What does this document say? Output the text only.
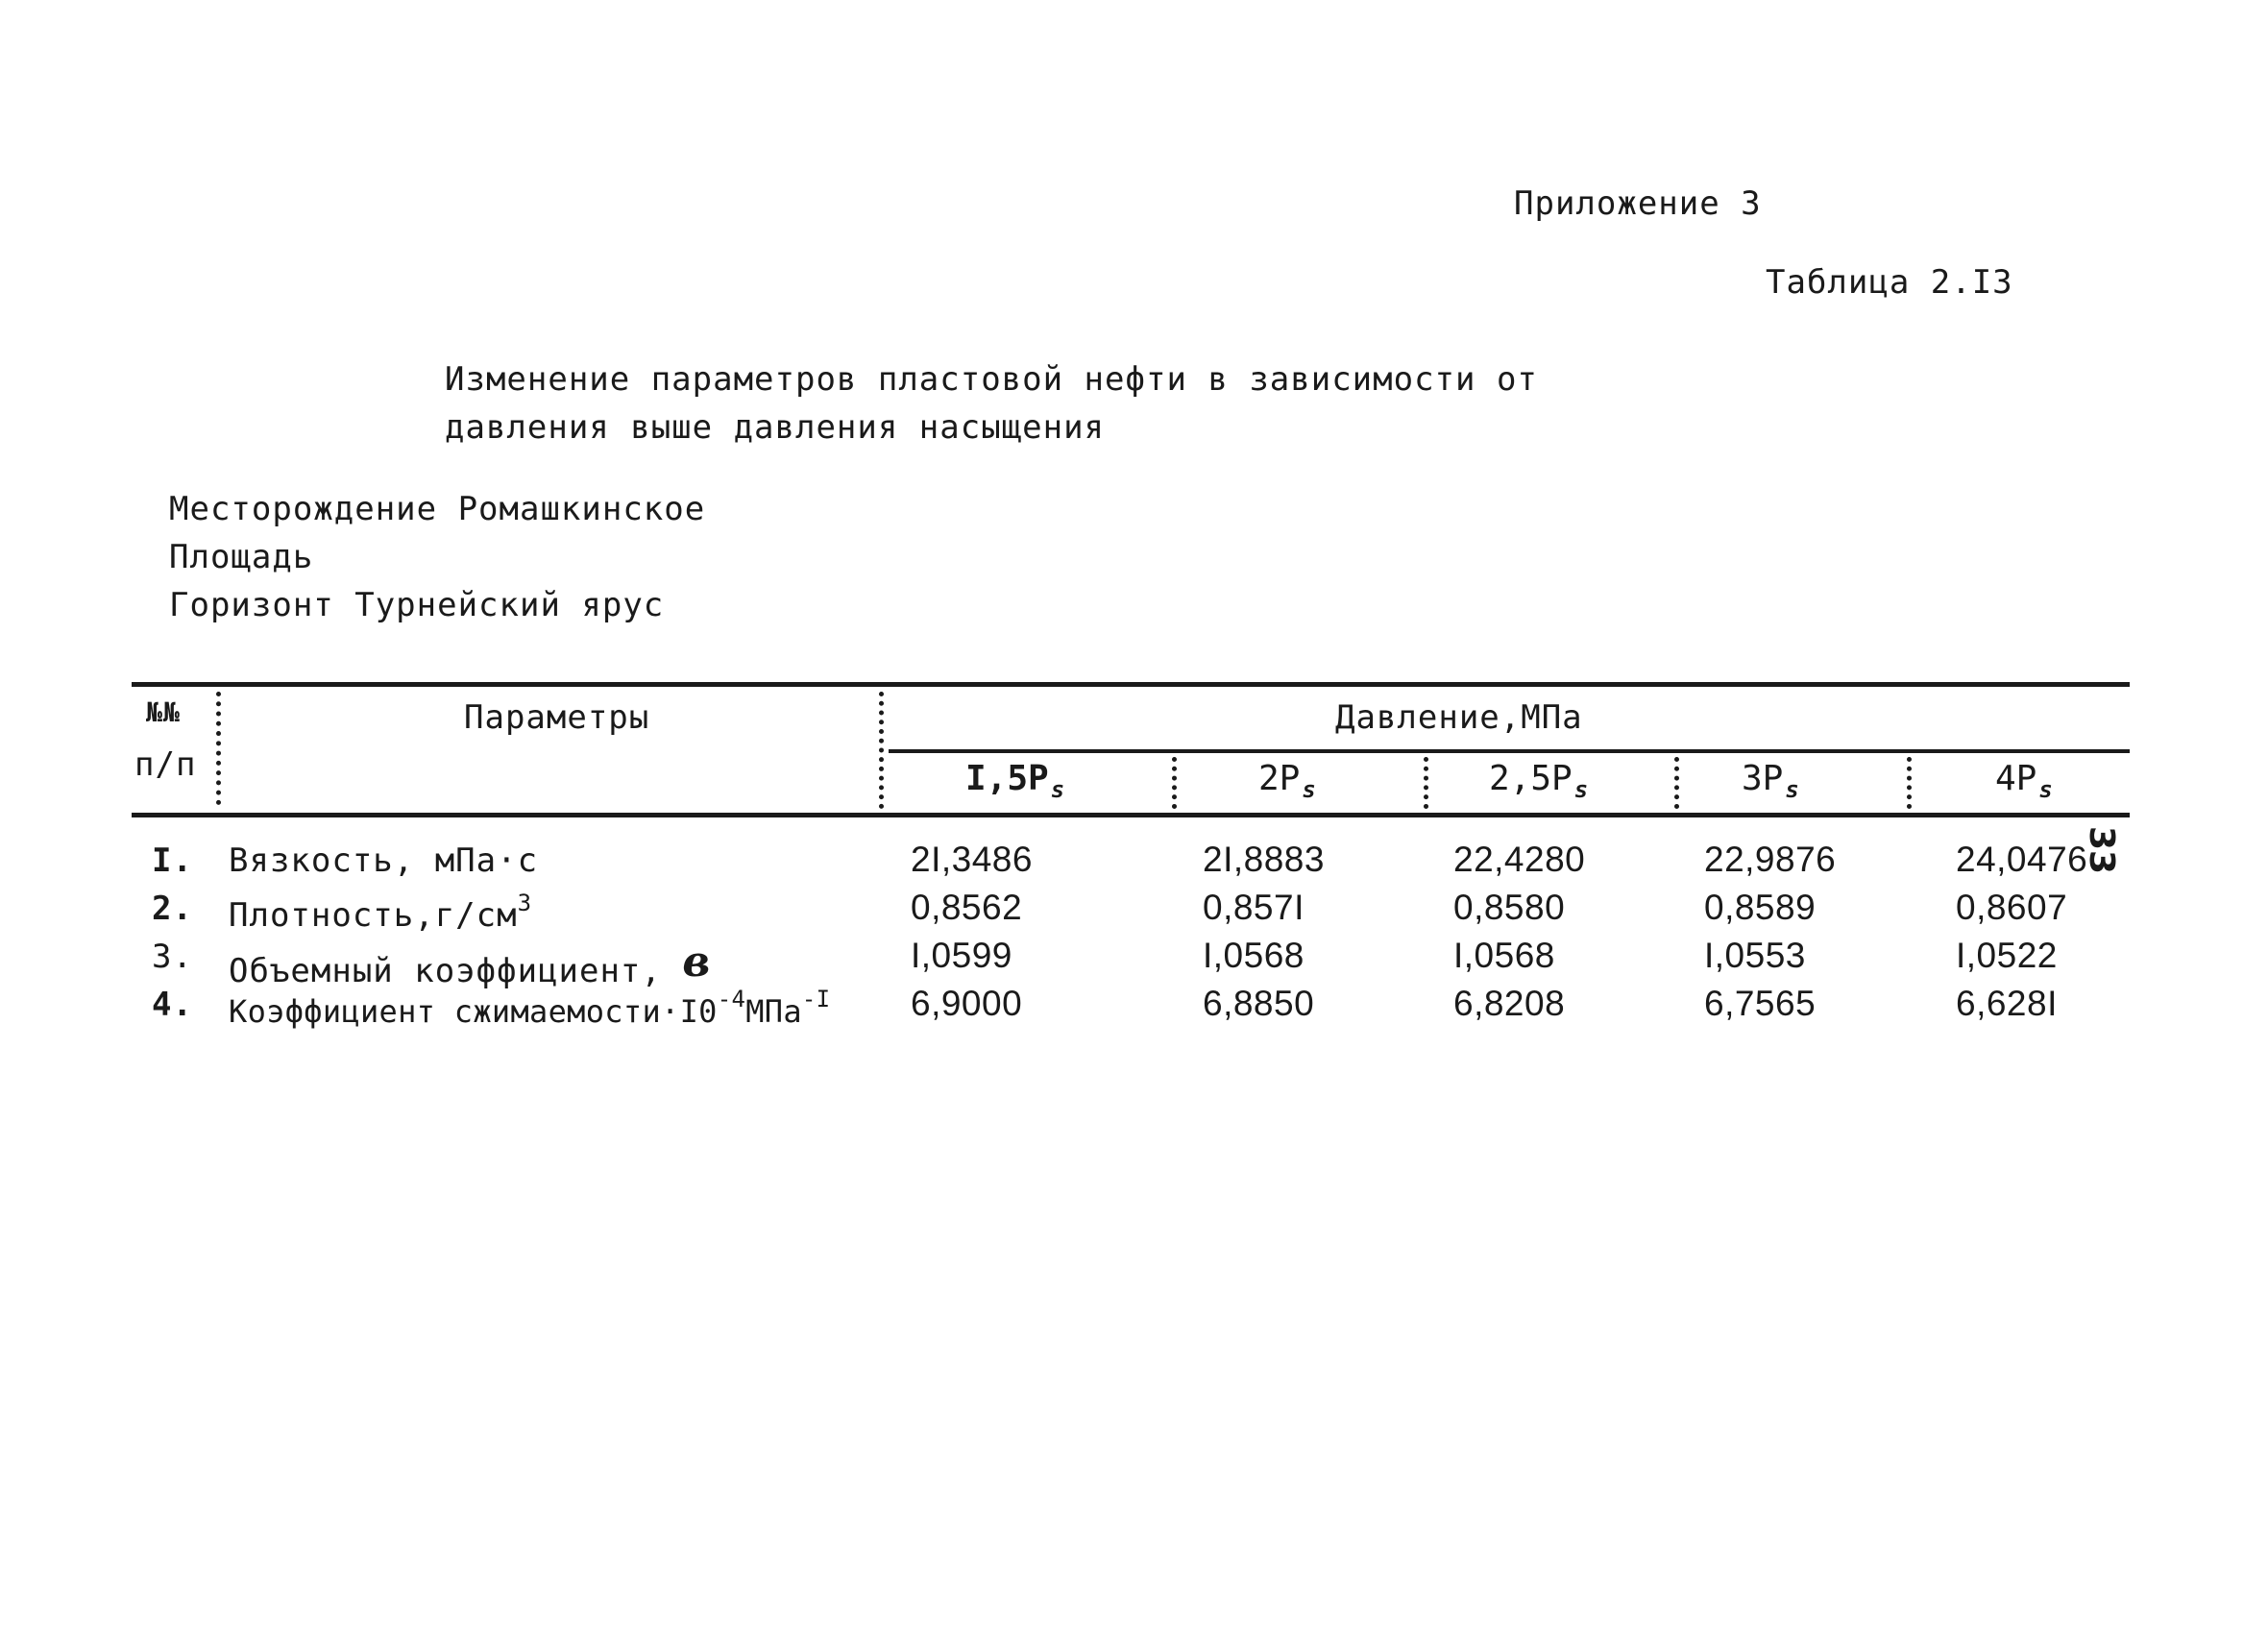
Приложение 3
Таблица 2.I3
Изменение параметров пластовой нефти в зависимости от
давления выше давления насыщения
Месторождение Ромашкинское
Площадь
Горизонт Турнейский ярус
33
№№
п/п
Параметры	Давление,МПа
$I,5P_s$	$2P_s$	$2,5P_s$	$3P_s$	$4P_s$
I. Вязкость, мПа·с	2I,3486	2I,8883	22,4280	22,9876	24,0476
2. $Плотность,г/см^3$	0,8562	0,857I	0,8580	0,8589	0,8607
3. Объемный коэффициент, в	I,0599	I,0568	I,0568	I,0553	I,0522
4. Коэффициент $сжимаемости\cdot I0^{-4}МПа^{-I}$ 6,9000	6,8850	6,8208	6,7565	6,628I
